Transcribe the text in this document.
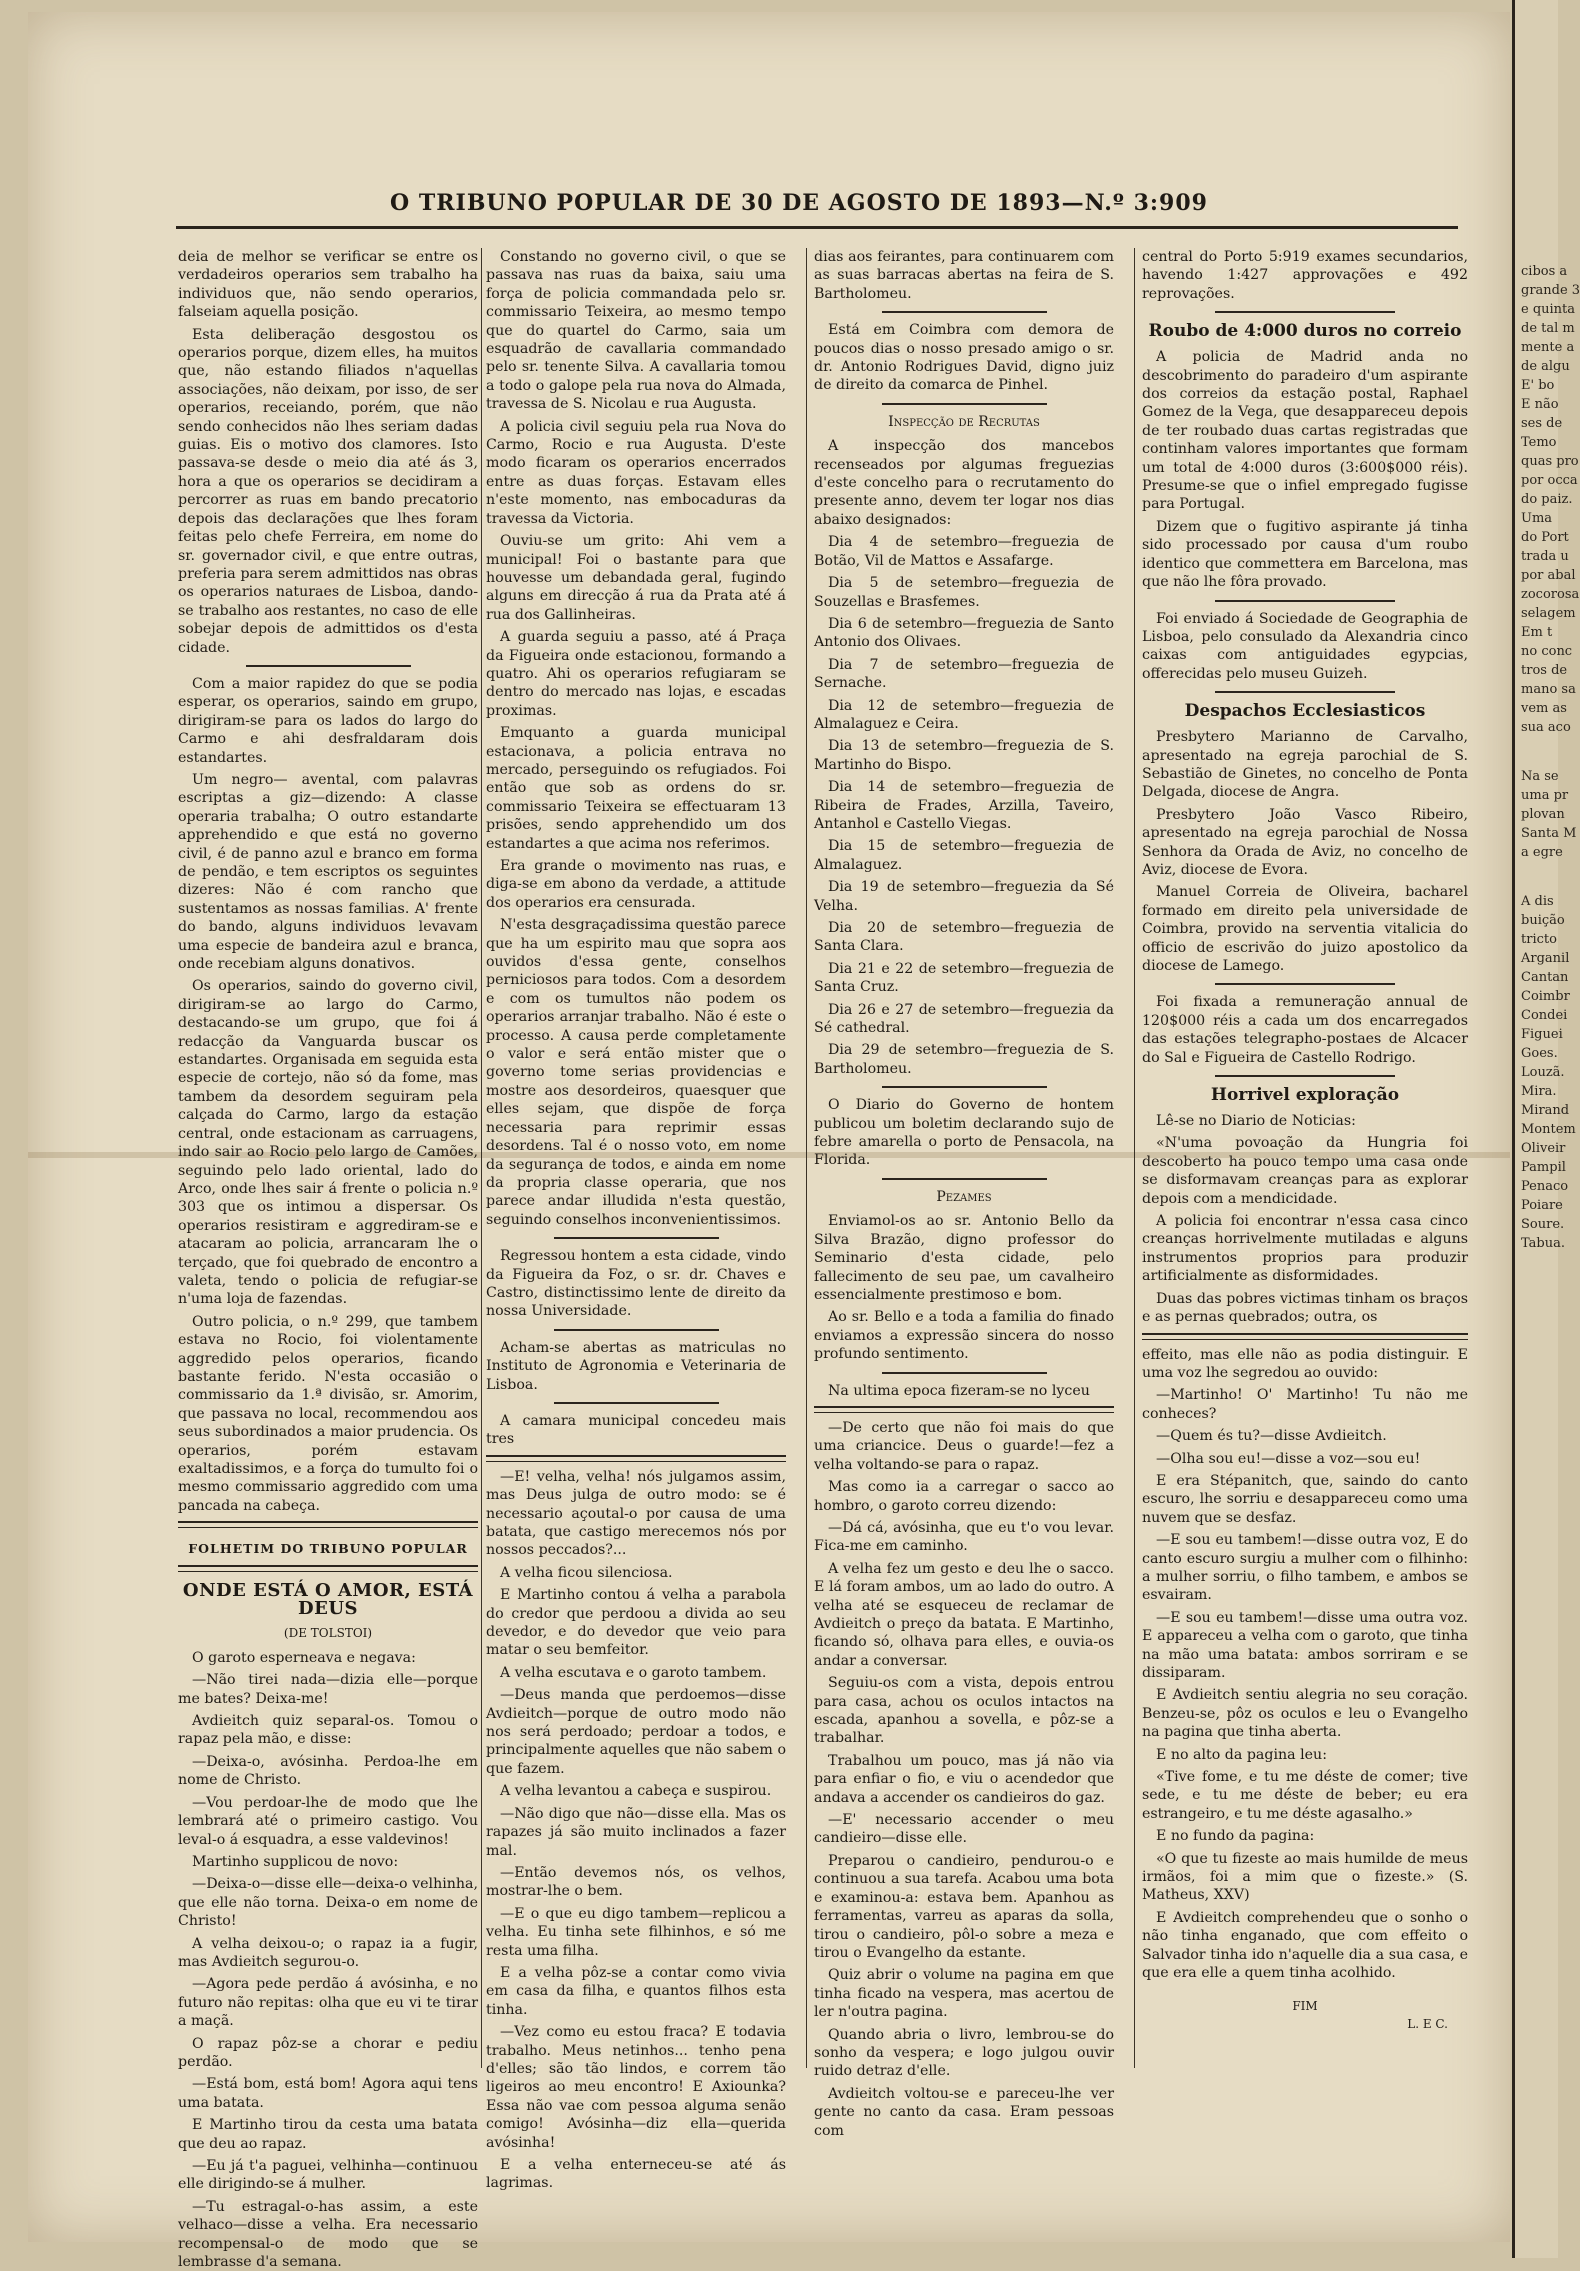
O TRIBUNO POPULAR DE 30 DE AGOSTO DE 1893—N.º 3:909

deia de melhor se verificar se entre os verdadeiros operarios sem trabalho ha individuos que, não sendo operarios, falseiam aquella posição.

Esta deliberação desgostou os operarios porque, dizem elles, ha muitos que, não estando filiados n'aquellas associações, não deixam, por isso, de ser operarios, receiando, porém, que não sendo conhecidos não lhes seriam dadas guias. Eis o motivo dos clamores. Isto passava-se desde o meio dia até ás 3, hora a que os operarios se decidiram a percorrer as ruas em bando precatorio depois das declarações que lhes foram feitas pelo chefe Ferreira, em nome do sr. governador civil, e que entre outras, preferia para serem admittidos nas obras os operarios naturaes de Lisboa, dando-se trabalho aos restantes, no caso de elle sobejar depois de admittidos os d'esta cidade.

Com a maior rapidez do que se podia esperar, os operarios, saindo em grupo, dirigiram-se para os lados do largo do Carmo e ahi desfraldaram dois estandartes.

Um negro— avental, com palavras escriptas a giz—dizendo: A classe operaria trabalha; O outro estandarte apprehendido e que está no governo civil, é de panno azul e branco em forma de pendão, e tem escriptos os seguintes dizeres: Não é com rancho que sustentamos as nossas familias. A' frente do bando, alguns individuos levavam uma especie de bandeira azul e branca, onde recebiam alguns donativos.

Os operarios, saindo do governo civil, dirigiram-se ao largo do Carmo, destacando-se um grupo, que foi á redacção da Vanguarda buscar os estandartes. Organisada em seguida esta especie de cortejo, não só da fome, mas tambem da desordem seguiram pela calçada do Carmo, largo da estação central, onde estacionam as carruagens, indo sair ao Rocio pelo largo de Camões, seguindo pelo lado oriental, lado do Arco, onde lhes sair á frente o policia n.º 303 que os intimou a dispersar. Os operarios resistiram e aggrediram-se e atacaram ao policia, arrancaram lhe o terçado, que foi quebrado de encontro a valeta, tendo o policia de refugiar-se n'uma loja de fazendas.

Outro policia, o n.º 299, que tambem estava no Rocio, foi violentamente aggredido pelos operarios, ficando bastante ferido. N'esta occasião o commissario da 1.ª divisão, sr. Amorim, que passava no local, recommendou aos seus subordinados a maior prudencia. Os operarios, porém estavam exaltadissimos, e a força do tumulto foi o mesmo commissario aggredido com uma pancada na cabeça.

FOLHETIM DO TRIBUNO POPULAR
ONDE ESTÁ O AMOR, ESTÁ DEUS
(DE TOLSTOI)

O garoto esperneava e negava:

—Não tirei nada—dizia elle—porque me bates? Deixa-me!

Avdieitch quiz separal-os. Tomou o rapaz pela mão, e disse:

—Deixa-o, avósinha. Perdoa-lhe em nome de Christo.

—Vou perdoar-lhe de modo que lhe lembrará até o primeiro castigo. Vou leval-o á esquadra, a esse valdevinos!

Martinho supplicou de novo:

—Deixa-o—disse elle—deixa-o velhinha, que elle não torna. Deixa-o em nome de Christo!

A velha deixou-o; o rapaz ia a fugir, mas Avdieitch segurou-o.

—Agora pede perdão á avósinha, e no futuro não repitas: olha que eu vi te tirar a maçã.

O rapaz pôz-se a chorar e pediu perdão.

—Está bom, está bom! Agora aqui tens uma batata.

E Martinho tirou da cesta uma batata que deu ao rapaz.

—Eu já t'a paguei, velhinha—continuou elle dirigindo-se á mulher.

—Tu estragal-o-has assim, a este velhaco—disse a velha. Era necessario recompensal-o de modo que se lembrasse d'a semana.

Constando no governo civil, o que se passava nas ruas da baixa, saiu uma força de policia commandada pelo sr. commissario Teixeira, ao mesmo tempo que do quartel do Carmo, saia um esquadrão de cavallaria commandado pelo sr. tenente Silva. A cavallaria tomou a todo o galope pela rua nova do Almada, travessa de S. Nicolau e rua Augusta.

A policia civil seguiu pela rua Nova do Carmo, Rocio e rua Augusta. D'este modo ficaram os operarios encerrados entre as duas forças. Estavam elles n'este momento, nas embocaduras da travessa da Victoria.

Ouviu-se um grito: Ahi vem a municipal! Foi o bastante para que houvesse um debandada geral, fugindo alguns em direcção á rua da Prata até á rua dos Gallinheiras.

A guarda seguiu a passo, até á Praça da Figueira onde estacionou, formando a quatro. Ahi os operarios refugiaram se dentro do mercado nas lojas, e escadas proximas.

Emquanto a guarda municipal estacionava, a policia entrava no mercado, perseguindo os refugiados. Foi então que sob as ordens do sr. commissario Teixeira se effectuaram 13 prisões, sendo apprehendido um dos estandartes a que acima nos referimos.

Era grande o movimento nas ruas, e diga-se em abono da verdade, a attitude dos operarios era censurada.

N'esta desgraçadissima questão parece que ha um espirito mau que sopra aos ouvidos d'essa gente, conselhos perniciosos para todos. Com a desordem e com os tumultos não podem os operarios arranjar trabalho. Não é este o processo. A causa perde completamente o valor e será então mister que o governo tome serias providencias e mostre aos desordeiros, quaesquer que elles sejam, que dispõe de força necessaria para reprimir essas desordens. Tal é o nosso voto, em nome da segurança de todos, e ainda em nome da propria classe operaria, que nos parece andar illudida n'esta questão, seguindo conselhos inconvenientissimos.

Regressou hontem a esta cidade, vindo da Figueira da Foz, o sr. dr. Chaves e Castro, distinctissimo lente de direito da nossa Universidade.

Acham-se abertas as matriculas no Instituto de Agronomia e Veterinaria de Lisboa.

A camara municipal concedeu mais tres

—E! velha, velha! nós julgamos assim, mas Deus julga de outro modo: se é necessario açoutal-o por causa de uma batata, que castigo merecemos nós por nossos peccados?...

A velha ficou silenciosa.

E Martinho contou á velha a parabola do credor que perdoou a divida ao seu devedor, e do devedor que veio para matar o seu bemfeitor.

A velha escutava e o garoto tambem.

—Deus manda que perdoemos—disse Avdieitch—porque de outro modo não nos será perdoado; perdoar a todos, e principalmente aquelles que não sabem o que fazem.

A velha levantou a cabeça e suspirou.

—Não digo que não—disse ella. Mas os rapazes já são muito inclinados a fazer mal.

—Então devemos nós, os velhos, mostrar-lhe o bem.

—E o que eu digo tambem—replicou a velha. Eu tinha sete filhinhos, e só me resta uma filha.

E a velha pôz-se a contar como vivia em casa da filha, e quantos filhos esta tinha.

—Vez como eu estou fraca? E todavia trabalho. Meus netinhos... tenho pena d'elles; são tão lindos, e correm tão ligeiros ao meu encontro! E Axiounka? Essa não vae com pessoa alguma senão comigo! Avósinha—diz ella—querida avósinha!

E a velha enterneceu-se até ás lagrimas.

dias aos feirantes, para continuarem com as suas barracas abertas na feira de S. Bartholomeu.

Está em Coimbra com demora de poucos dias o nosso presado amigo o sr. dr. Antonio Rodrigues David, digno juiz de direito da comarca de Pinhel.

Inspecção de Recrutas

A inspecção dos mancebos recenseados por algumas freguezias d'este concelho para o recrutamento do presente anno, devem ter logar nos dias abaixo designados:

Dia 4 de setembro—freguezia de Botão, Vil de Mattos e Assafarge.

Dia 5 de setembro—freguezia de Souzellas e Brasfemes.

Dia 6 de setembro—freguezia de Santo Antonio dos Olivaes.

Dia 7 de setembro—freguezia de Sernache.

Dia 12 de setembro—freguezia de Almalaguez e Ceira.

Dia 13 de setembro—freguezia de S. Martinho do Bispo.

Dia 14 de setembro—freguezia de Ribeira de Frades, Arzilla, Taveiro, Antanhol e Castello Viegas.

Dia 15 de setembro—freguezia de Almalaguez.

Dia 19 de setembro—freguezia da Sé Velha.

Dia 20 de setembro—freguezia de Santa Clara.

Dia 21 e 22 de setembro—freguezia de Santa Cruz.

Dia 26 e 27 de setembro—freguezia da Sé cathedral.

Dia 29 de setembro—freguezia de S. Bartholomeu.

O Diario do Governo de hontem publicou um boletim declarando sujo de febre amarella o porto de Pensacola, na Florida.

Pezames

Enviamol-os ao sr. Antonio Bello da Silva Brazão, digno professor do Seminario d'esta cidade, pelo fallecimento de seu pae, um cavalheiro essencialmente prestimoso e bom.

Ao sr. Bello e a toda a familia do finado enviamos a expressão sincera do nosso profundo sentimento.

Na ultima epoca fizeram-se no lyceu

—De certo que não foi mais do que uma criancice. Deus o guarde!—fez a velha voltando-se para o rapaz.

Mas como ia a carregar o sacco ao hombro, o garoto correu dizendo:

—Dá cá, avósinha, que eu t'o vou levar. Fica-me em caminho.

A velha fez um gesto e deu lhe o sacco. E lá foram ambos, um ao lado do outro. A velha até se esqueceu de reclamar de Avdieitch o preço da batata. E Martinho, ficando só, olhava para elles, e ouvia-os andar a conversar.

Seguiu-os com a vista, depois entrou para casa, achou os oculos intactos na escada, apanhou a sovella, e pôz-se a trabalhar.

Trabalhou um pouco, mas já não via para enfiar o fio, e viu o acendedor que andava a accender os candieiros do gaz.

—E' necessario accender o meu candieiro—disse elle.

Preparou o candieiro, pendurou-o e continuou a sua tarefa. Acabou uma bota e examinou-a: estava bem. Apanhou as ferramentas, varreu as aparas da solla, tirou o candieiro, pôl-o sobre a meza e tirou o Evangelho da estante.

Quiz abrir o volume na pagina em que tinha ficado na vespera, mas acertou de ler n'outra pagina.

Quando abria o livro, lembrou-se do sonho da vespera; e logo julgou ouvir ruido detraz d'elle.

Avdieitch voltou-se e pareceu-lhe ver gente no canto da casa. Eram pessoas com

central do Porto 5:919 exames secundarios, havendo 1:427 approvações e 492 reprovações.

Roubo de 4:000 duros no correio

A policia de Madrid anda no descobrimento do paradeiro d'um aspirante dos correios da estação postal, Raphael Gomez de la Vega, que desappareceu depois de ter roubado duas cartas registradas que continham valores importantes que formam um total de 4:000 duros (3:600$000 réis). Presume-se que o infiel empregado fugisse para Portugal.

Dizem que o fugitivo aspirante já tinha sido processado por causa d'um roubo identico que commettera em Barcelona, mas que não lhe fôra provado.

Foi enviado á Sociedade de Geographia de Lisboa, pelo consulado da Alexandria cinco caixas com antiguidades egypcias, offerecidas pelo museu Guizeh.

Despachos Ecclesiasticos

Presbytero Marianno de Carvalho, apresentado na egreja parochial de S. Sebastião de Ginetes, no concelho de Ponta Delgada, diocese de Angra.

Presbytero João Vasco Ribeiro, apresentado na egreja parochial de Nossa Senhora da Orada de Aviz, no concelho de Aviz, diocese de Evora.

Manuel Correia de Oliveira, bacharel formado em direito pela universidade de Coimbra, provido na serventia vitalicia do officio de escrivão do juizo apostolico da diocese de Lamego.

Foi fixada a remuneração annual de 120$000 réis a cada um dos encarregados das estações telegrapho-postaes de Alcacer do Sal e Figueira de Castello Rodrigo.

Horrivel exploração

Lê-se no Diario de Noticias:

«N'uma povoação da Hungria foi descoberto ha pouco tempo uma casa onde se disformavam creanças para as explorar depois com a mendicidade.

A policia foi encontrar n'essa casa cinco creanças horrivelmente mutiladas e alguns instrumentos proprios para produzir artificialmente as disformidades.

Duas das pobres victimas tinham os braços e as pernas quebrados; outra, os

effeito, mas elle não as podia distinguir. E uma voz lhe segredou ao ouvido:

—Martinho! O' Martinho! Tu não me conheces?

—Quem és tu?—disse Avdieitch.

—Olha sou eu!—disse a voz—sou eu!

E era Stépanitch, que, saindo do canto escuro, lhe sorriu e desappareceu como uma nuvem que se desfaz.

—E sou eu tambem!—disse outra voz, E do canto escuro surgiu a mulher com o filhinho: a mulher sorriu, o filho tambem, e ambos se esvairam.

—E sou eu tambem!—disse uma outra voz. E appareceu a velha com o garoto, que tinha na mão uma batata: ambos sorriram e se dissiparam.

E Avdieitch sentiu alegria no seu coração. Benzeu-se, pôz os oculos e leu o Evangelho na pagina que tinha aberta.

E no alto da pagina leu:

«Tive fome, e tu me déste de comer; tive sede, e tu me déste de beber; eu era estrangeiro, e tu me déste agasalho.»

E no fundo da pagina:

«O que tu fizeste ao mais humilde de meus irmãos, foi a mim que o fizeste.» (S. Matheus, XXV)

E Avdieitch comprehendeu que o sonho o não tinha enganado, que com effeito o Salvador tinha ido n'aquelle dia a sua casa, e que era elle a quem tinha acolhido.

FIM
L. E C.
cibos a
grande 3
e quinta
de tal m
mente a
de algu
E' bo
E não
ses de
Temo
quas pro
por occa
do paiz.
Uma
do Port
trada u
por abal
zocorosa
selagem
Em t
no conc
tros de
mano sa
vem as
sua aco
Na se
uma pr
plovan
Santa M
a egre
A dis
buição
tricto
Arganil
Cantan
Coimbr
Condei
Figuei
Goes.
Louzã.
Mira.
Mirand
Montem
Oliveir
Pampil
Penaco
Poiare
Soure.
Tabua.
